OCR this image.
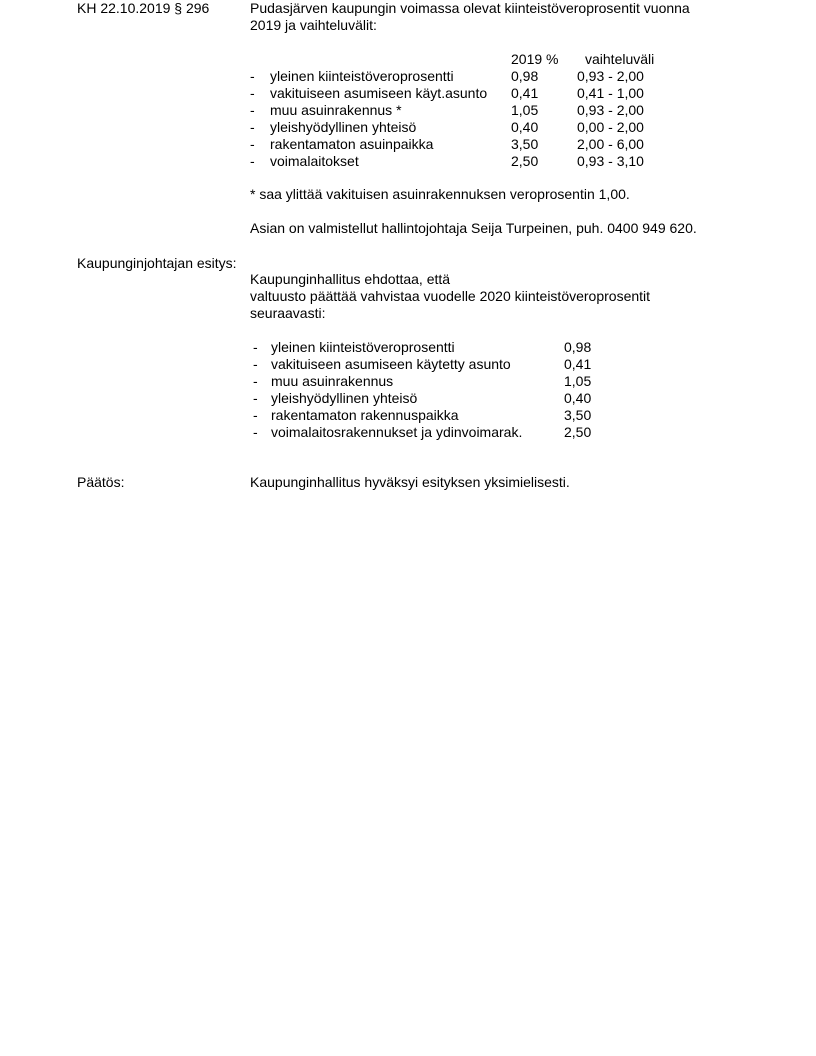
KH 22.10.2019 § 296	Pudasjärven kaupungin voimassa olevat kiinteistöveroprosentit vuonna
2019 ja vaihteluvälit:
2019 % vaihteluväli
- yleinen kiinteistöveroprosentti	0,98	0,93 - 2,00
- vakituiseen asumiseen käyt.asunto 0,41	0,41 - 1,00
- muu asuinrakennus *	1,05	0,93 - 2,00
- yleishyödyllinen yhteisö	0,40	0,00 - 2,00
- rakentamaton asuinpaikka	3,50	2,00 - 6,00
- voimalaitokset	2,50	0,93 - 3,10
* saa ylittää vakituisen asuinrakennuksen veroprosentin 1,00.
Asian on valmistellut hallintojohtaja Seija Turpeinen, puh. 0400 949 620.
Kaupunginjohtajan esitys:
Kaupunginhallitus ehdottaa, että
valtuusto päättää vahvistaa vuodelle 2020 kiinteistöveroprosentit
seuraavasti:
- yleinen kiinteistöveroprosentti	0,98
- vakituiseen asumiseen käytetty asunto	0,41
- muu asuinrakennus	1,05
- yleishyödyllinen yhteisö	0,40
- rakentamaton rakennuspaikka	3,50
- voimalaitosrakennukset ja ydinvoimarak.	2,50
Päätös:	Kaupunginhallitus hyväksyi esityksen yksimielisesti.
